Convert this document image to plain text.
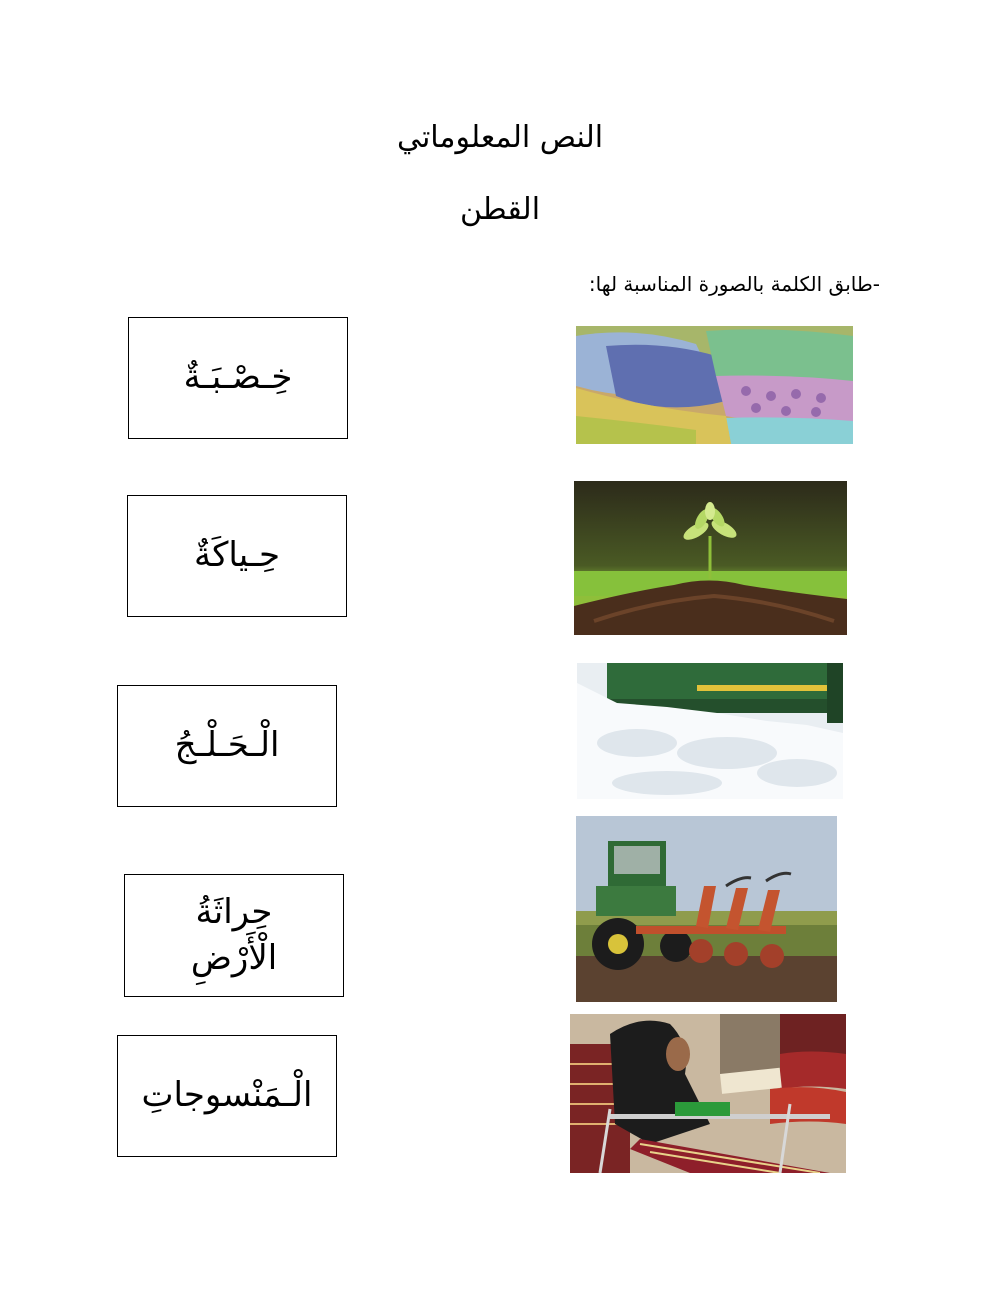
النص المعلوماتي
القطن
-طابق الكلمة بالصورة المناسبة لها:
خِـصْـبَـةٌ
حِـياكَةٌ
الْـحَـلْـجُ
حِراثَةُ الْأَرْضِ
الْـمَنْسوجاتِ
